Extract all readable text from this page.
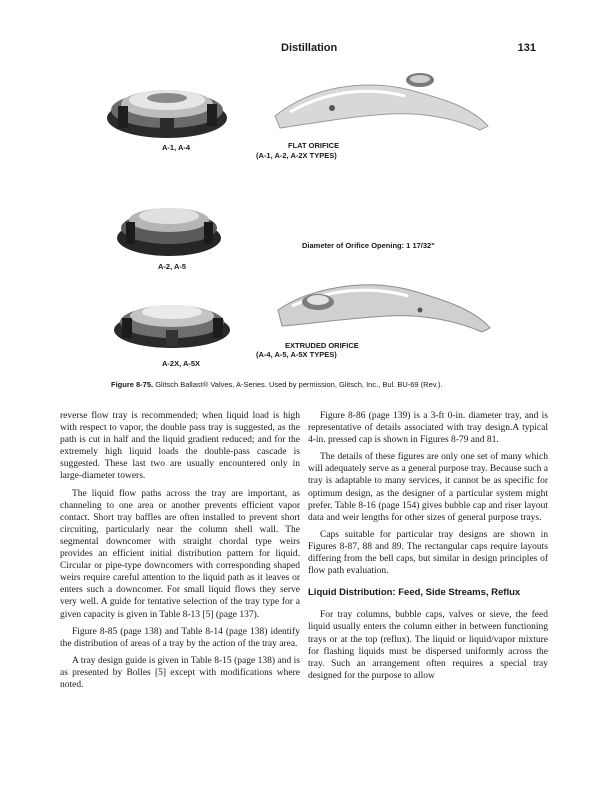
Distillation	131
A-1, A-4	FLAT ORIFICE
(A-1, A-2, A-2X TYPES)
Diameter of Orifice Opening: 1 17/32"
A-2, A-5
EXTRUDED ORIFICE
(A-4, A-5, A-5X TYPES)
A-2X, A-5X
Figure 8-75. Glitsch Ballast® Valves, A-Series. Used by permission, Glitsch, Inc., Bul. BU-69 (Rev.).

reverse flow tray is recommended; when liquid load is high with respect to vapor, the double pass tray is suggested, as the path is cut in half and the liquid gradient reduced; and for the extremely high liquid loads the double-pass cascade is suggested. These last two are usually encountered only in large-diameter towers.

The liquid flow paths across the tray are important, as channeling to one area or another prevents efficient vapor contact. Short tray baffles are often installed to prevent short circuiting, particularly near the column shell wall. The segmental downcomer with straight chordal type weirs provides an efficient initial distribution pattern for liquid. Circular or pipe-type downcomers with corresponding shaped weirs require careful attention to the liquid path as it leaves or enters such a downcomer. For small liquid flows they serve very well. A guide for tentative selection of the tray type for a given capacity is given in Table 8-13 [5] (page 137).

Figure 8-85 (page 138) and Table 8-14 (page 138) identify the distribution of areas of a tray by the action of the tray area.

A tray design guide is given in Table 8-15 (page 138) and is as presented by Bolles [5] except with modifications where noted.

Figure 8-86 (page 139) is a 3-ft 0-in. diameter tray, and is representative of details associated with tray design.A typical 4-in. pressed cap is shown in Figures 8-79 and 81.

The details of these figures are only one set of many which will adequately serve as a general purpose tray. Because such a tray is adaptable to many services, it cannot be as specific for optimum design, as the designer of a particular system might prefer. Table 8-16 (page 154) gives bubble cap and riser layout data and weir lengths for other sizes of general purpose trays.

Caps suitable for particular tray designs are shown in Figures 8-87, 88 and 89. The rectangular caps require layouts differing from the bell caps, but similar in design principles of flow path evaluation.

Liquid Distribution: Feed, Side Streams, Reflux

For tray columns, bubble caps, valves or sieve, the feed liquid usually enters the column either in between functioning trays or at the top (reflux). The liquid or liquid/vapor mixture for flashing liquids must be dispersed uniformly across the tray. Such an arrangement often requires a special tray designed for the purpose to allow
